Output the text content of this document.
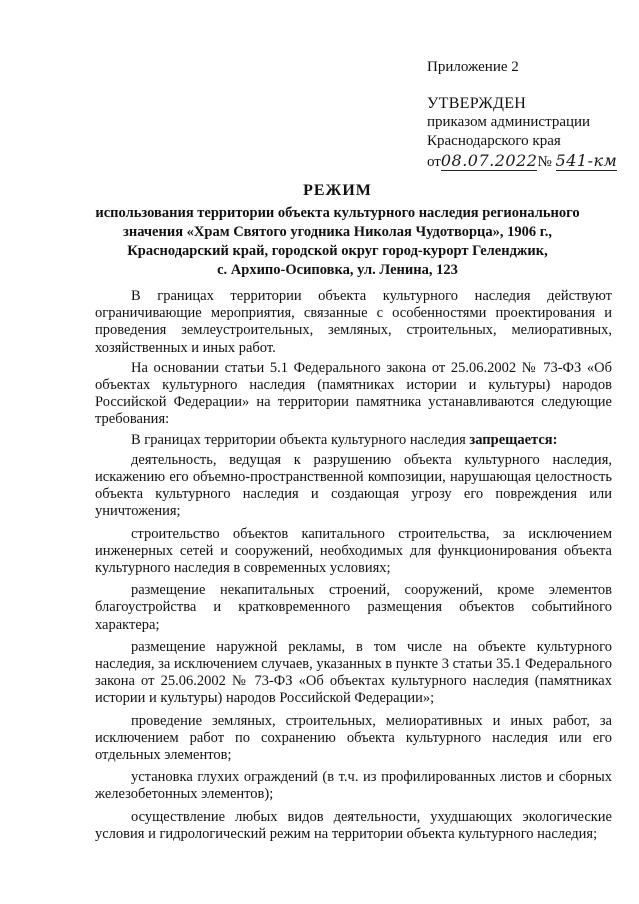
Приложение 2
УТВЕРЖДЕН
приказом администрации
Краснодарского края
от08.07.2022№ 541-км
РЕЖИМ
использования территории объекта культурного наследия регионального
значения «Храм Святого угодника Николая Чудотворца», 1906 г.,
Краснодарский край, городской округ город-курорт Геленджик,
с. Архипо-Осиповка, ул. Ленина, 123

В границах территории объекта культурного наследия действуют ограничивающие мероприятия, связанные с особенностями проектирования и проведения землеустроительных, земляных, строительных, мелиоративных, хозяйственных и иных работ.

На основании статьи 5.1 Федерального закона от 25.06.2002 № 73-ФЗ «Об объектах культурного наследия (памятниках истории и культуры) народов Российской Федерации» на территории памятника устанавливаются следующие требования:

В границах территории объекта культурного наследия запрещается:

деятельность, ведущая к разрушению объекта культурного наследия, искажению его объемно-пространственной композиции, нарушающая целостность объекта культурного наследия и создающая угрозу его повреждения или уничтожения;

строительство объектов капитального строительства, за исключением инженерных сетей и сооружений, необходимых для функционирования объекта культурного наследия в современных условиях;

размещение некапитальных строений, сооружений, кроме элементов благоустройства и кратковременного размещения объектов событийного характера;

размещение наружной рекламы, в том числе на объекте культурного наследия, за исключением случаев, указанных в пункте 3 статьи 35.1 Федерального закона от 25.06.2002 № 73-ФЗ «Об объектах культурного наследия (памятниках истории и культуры) народов Российской Федерации»;

проведение земляных, строительных, мелиоративных и иных работ, за исключением работ по сохранению объекта культурного наследия или его отдельных элементов;

установка глухих ограждений (в т.ч. из профилированных листов и сборных железобетонных элементов);

осуществление любых видов деятельности, ухудшающих экологические условия и гидрологический режим на территории объекта культурного наследия;
